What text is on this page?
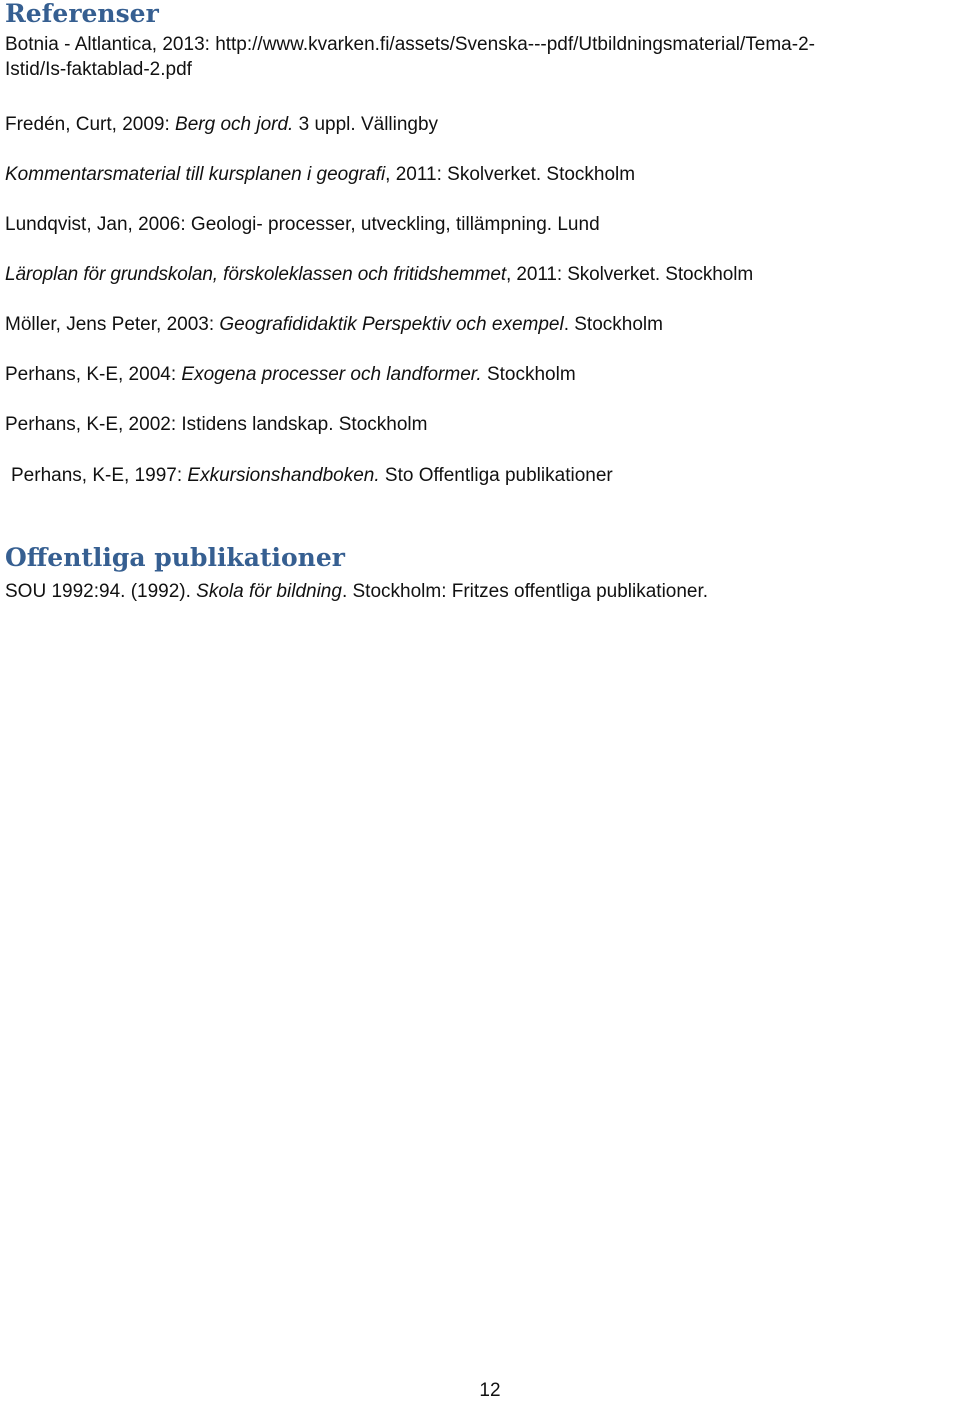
Referenser

Botnia - Altlantica, 2013: http://www.kvarken.fi/assets/Svenska---pdf/Utbildningsmaterial/Tema-2-
Istid/Is-faktablad-2.pdf

Fredén, Curt, 2009: Berg och jord. 3 uppl. Vällingby

Kommentarsmaterial till kursplanen i geografi, 2011: Skolverket. Stockholm

Lundqvist, Jan, 2006: Geologi- processer, utveckling, tillämpning. Lund

Läroplan för grundskolan, förskoleklassen och fritidshemmet, 2011: Skolverket. Stockholm

Möller, Jens Peter, 2003: Geografididaktik Perspektiv och exempel. Stockholm

Perhans, K-E, 2004: Exogena processer och landformer. Stockholm

Perhans, K-E, 2002: Istidens landskap. Stockholm

Perhans, K-E, 1997: Exkursionshandboken. Sto Offentliga publikationer

Offentliga publikationer

SOU 1992:94. (1992). Skola för bildning. Stockholm: Fritzes offentliga publikationer.

12
